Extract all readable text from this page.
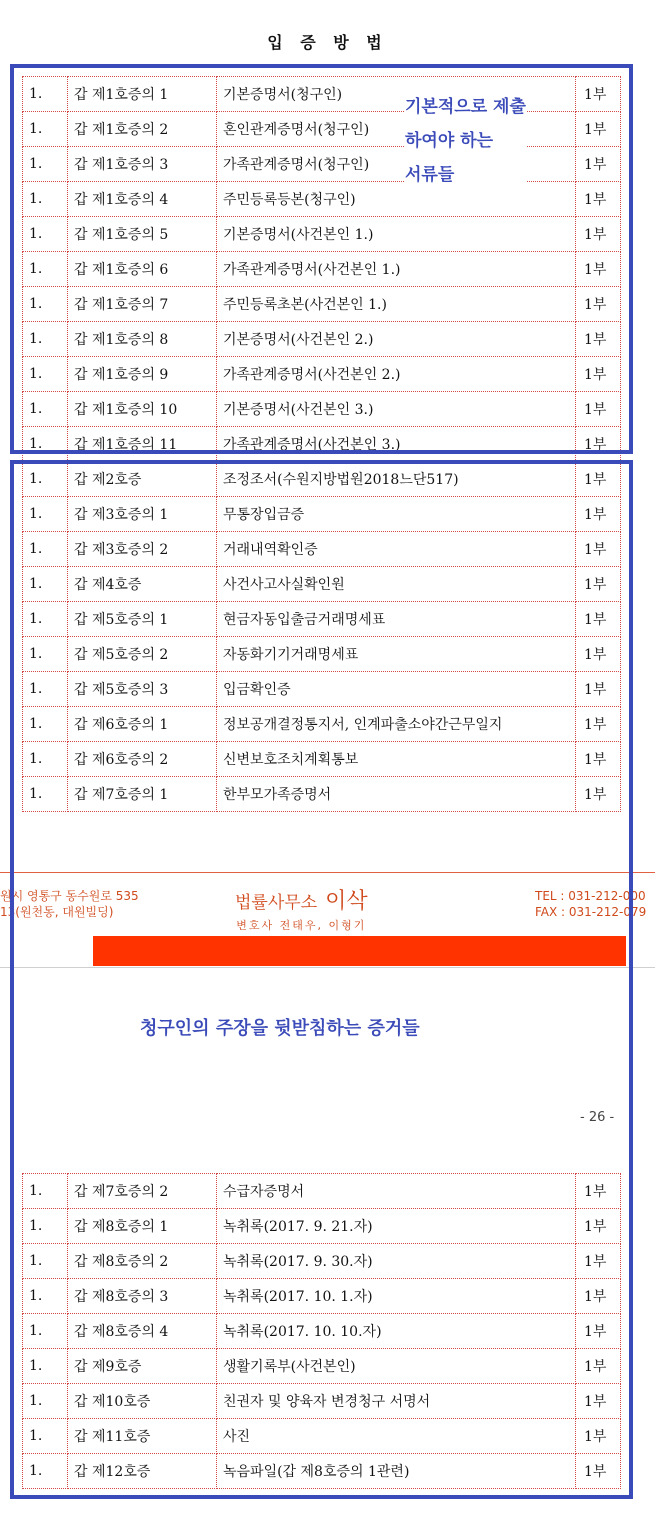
입 증 방 법
1.	갑 제1호증의 1	기본증명서(청구인)	1부
1.	갑 제1호증의 2	혼인관계증명서(청구인)	1부
1.	갑 제1호증의 3	가족관계증명서(청구인)	1부
1.	갑 제1호증의 4	주민등록등본(청구인)	1부
1.	갑 제1호증의 5	기본증명서(사건본인 1.)	1부
1.	갑 제1호증의 6	가족관계증명서(사건본인 1.)	1부
1.	갑 제1호증의 7	주민등록초본(사건본인 1.)	1부
1.	갑 제1호증의 8	기본증명서(사건본인 2.)	1부
1.	갑 제1호증의 9	가족관계증명서(사건본인 2.)	1부
1.	갑 제1호증의 10	기본증명서(사건본인 3.)	1부
1.	갑 제1호증의 11	가족관계증명서(사건본인 3.)	1부
1.	갑 제2호증	조정조서(수원지방법원2018느단517)	1부
1.	갑 제3호증의 1	무통장입금증	1부
1.	갑 제3호증의 2	거래내역확인증	1부
1.	갑 제4호증	사건사고사실확인원	1부
1.	갑 제5호증의 1	현금자동입출금거래명세표	1부
1.	갑 제5호증의 2	자동화기기거래명세표	1부
1.	갑 제5호증의 3	입금확인증	1부
1.	갑 제6호증의 1	정보공개결정통지서, 인계파출소야간근무일지	1부
1.	갑 제6호증의 2	신변보호조치계획통보	1부
1.	갑 제7호증의 1	한부모가족증명서	1부
원시 영통구 동수원로 535
13(원천동, 대원빌딩)	법률사무소 이삭
변호사 전태우, 이형기
TEL : 031-212-000
FAX : 031-212-079
청구인의 주장을 뒷받침하는 증거들
- 26 -
1.	갑 제7호증의 2	수급자증명서	1부
1.	갑 제8호증의 1	녹취록(2017. 9. 21.자)	1부
1.	갑 제8호증의 2	녹취록(2017. 9. 30.자)	1부
1.	갑 제8호증의 3	녹취록(2017. 10. 1.자)	1부
1.	갑 제8호증의 4	녹취록(2017. 10. 10.자)	1부
1.	갑 제9호증	생활기록부(사건본인)	1부
1.	갑 제10호증	친권자 및 양육자 변경청구 서명서	1부
1.	갑 제11호증	사진	1부
1.	갑 제12호증	녹음파일(갑 제8호증의 1관련)	1부
기본적으로 제출
하여야 하는
서류들
